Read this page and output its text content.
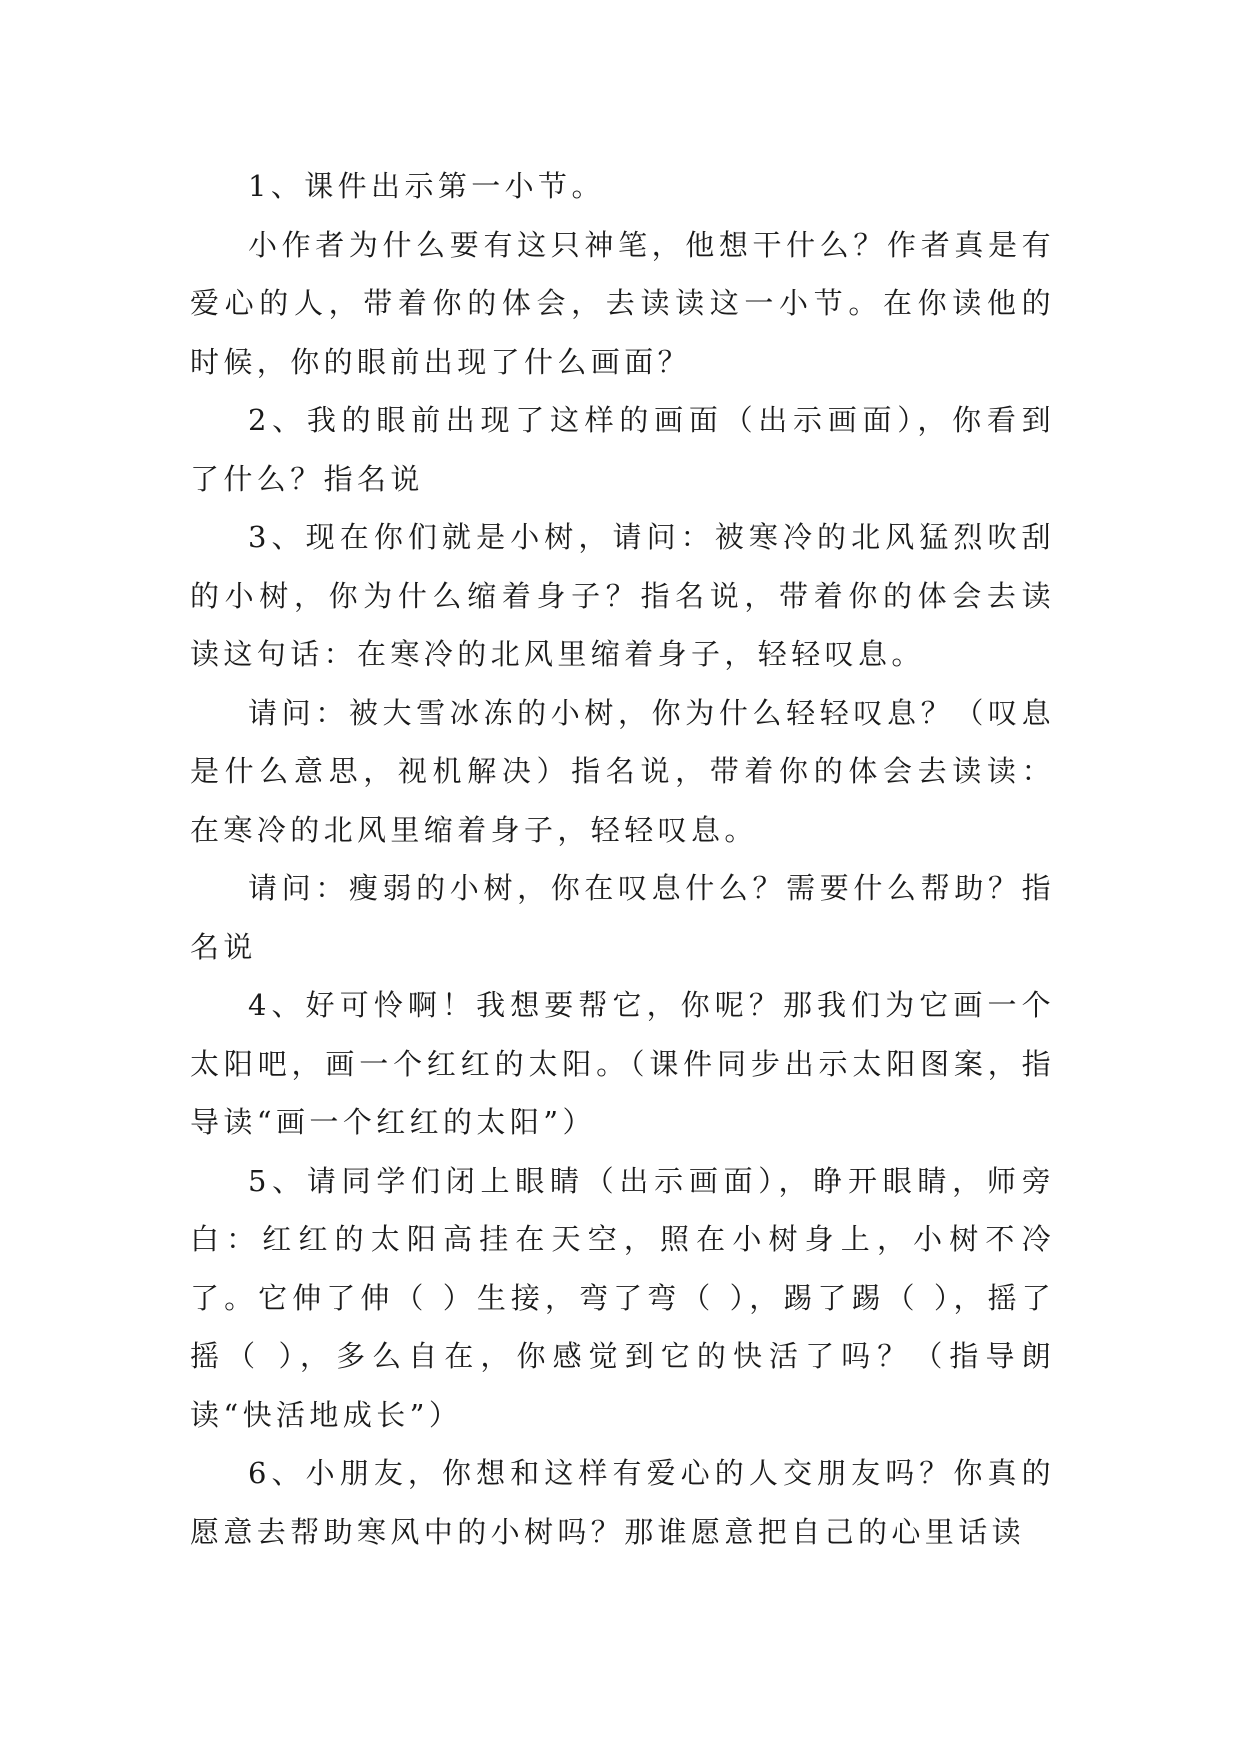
1、课件出示第一小节。

小作者为什么要有这只神笔，他想干什么？作者真是有爱心的人，带着你的体会，去读读这一小节。在你读他的时候，你的眼前出现了什么画面？

2、我的眼前出现了这样的画面（出示画面），你看到了什么？指名说

3、现在你们就是小树，请问：被寒冷的北风猛烈吹刮的小树，你为什么缩着身子？指名说，带着你的体会去读读这句话：在寒冷的北风里缩着身子，轻轻叹息。

请问：被大雪冰冻的小树，你为什么轻轻叹息？（叹息是什么意思，视机解决）指名说，带着你的体会去读读：在寒冷的北风里缩着身子，轻轻叹息。

请问：瘦弱的小树，你在叹息什么？需要什么帮助？指名说

4、好可怜啊！我想要帮它，你呢？那我们为它画一个太阳吧，画一个红红的太阳。（课件同步出示太阳图案，指导读“画一个红红的太阳”）

5、请同学们闭上眼睛（出示画面），睁开眼睛，师旁白：红红的太阳高挂在天空，照在小树身上，小树不冷了。它伸了伸（ ）生接，弯了弯（ ），踢了踢（ ），摇了摇（ ），多么自在，你感觉到它的快活了吗？（指导朗读“快活地成长”）

6、小朋友，你想和这样有爱心的人交朋友吗？你真的愿意去帮助寒风中的小树吗？那谁愿意把自己的心里话读
